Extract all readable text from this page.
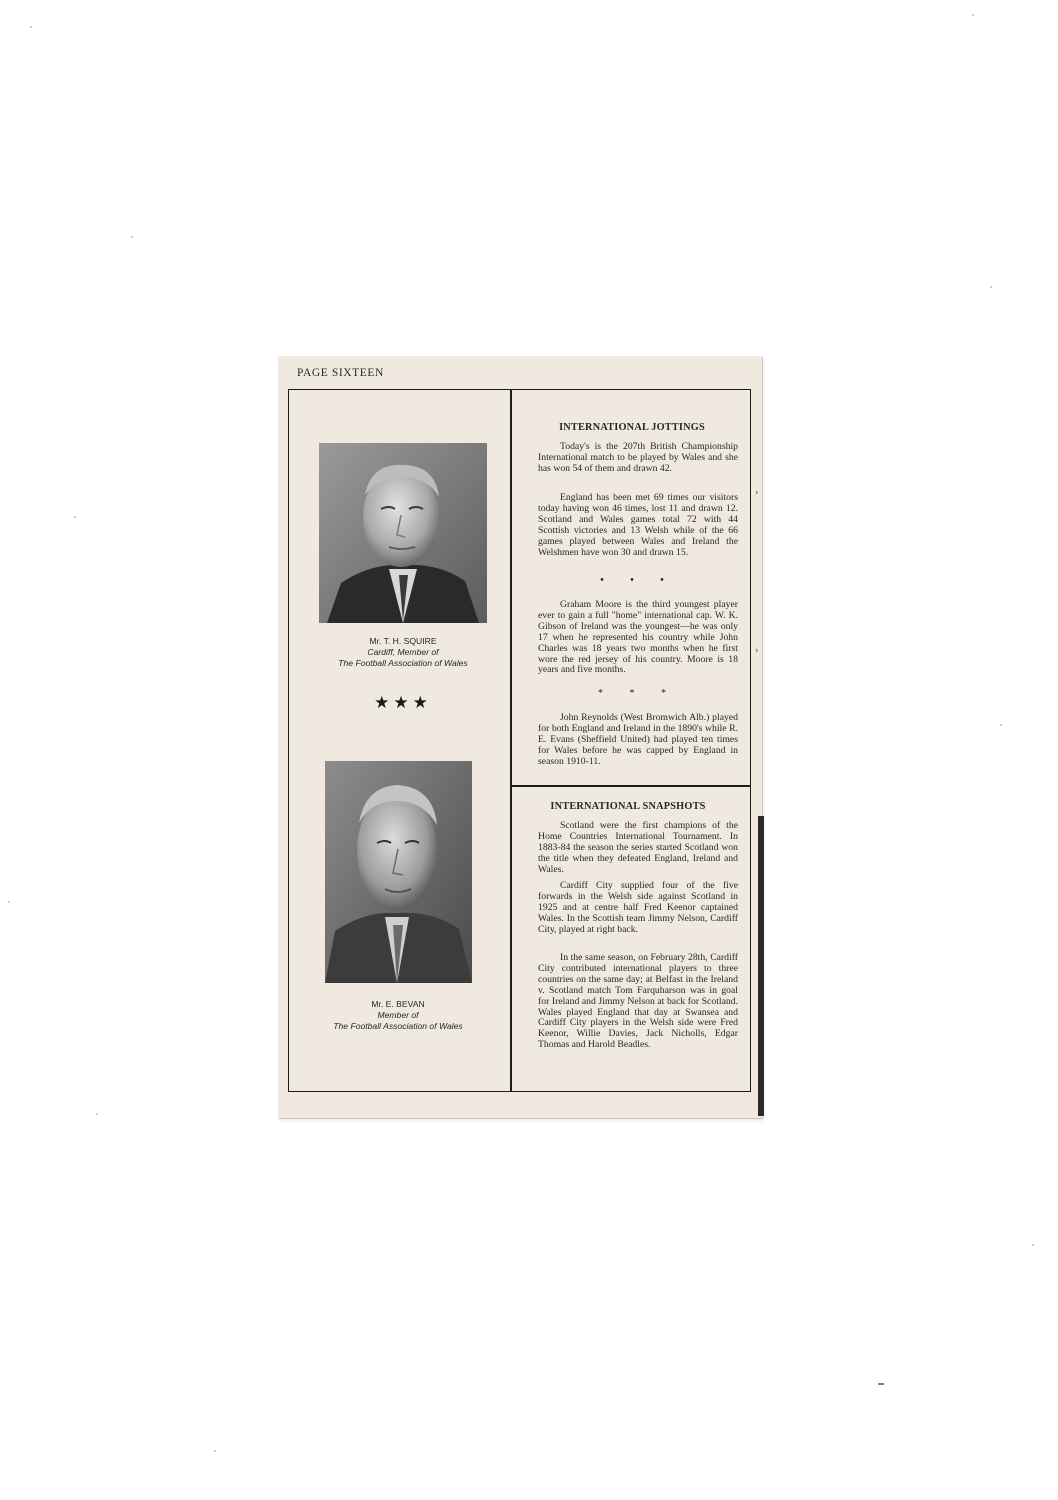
PAGE SIXTEEN
Mr. T. H. SQUIRE
Cardiff, Member of
The Football Association of Wales
★★★
Mr. E. BEVAN
Member of
The Football Association of Wales
INTERNATIONAL JOTTINGS
Today's is the 207th British Championship International match to be played by Wales and she has won 54 of them and drawn 42.
England has been met 69 times our visitors today having won 46 times, lost 11 and drawn 12. Scotland and Wales games total 72 with 44 Scottish victories and 13 Welsh while of the 66 games played between Wales and Ireland the Welshmen have won 30 and drawn 15.
• • •
Graham Moore is the third youngest player ever to gain a full "home" international cap. W. K. Gibson of Ireland was the youngest—he was only 17 when he represented his country while John Charles was 18 years two months when he first wore the red jersey of his country. Moore is 18 years and five months.
* * *
John Reynolds (West Bromwich Alb.) played for both England and Ireland in the 1890's while R. E. Evans (Sheffield United) had played ten times for Wales before he was capped by England in season 1910-11.
INTERNATIONAL SNAPSHOTS
Scotland were the first champions of the Home Countries International Tournament. In 1883-84 the season the series started Scotland won the title when they defeated England, Ireland and Wales.
Cardiff City supplied four of the five forwards in the Welsh side against Scotland in 1925 and at centre half Fred Keenor captained Wales. In the Scottish team Jimmy Nelson, Cardiff City, played at right back.
In the same season, on February 28th, Cardiff City contributed international players to three countries on the same day; at Belfast in the Ireland v. Scotland match Tom Farquharson was in goal for Ireland and Jimmy Nelson at back for Scotland. Wales played England that day at Swansea and Cardiff City players in the Welsh side were Fred Keenor, Willie Davies, Jack Nicholls, Edgar Thomas and Harold Beadles.
›
›
